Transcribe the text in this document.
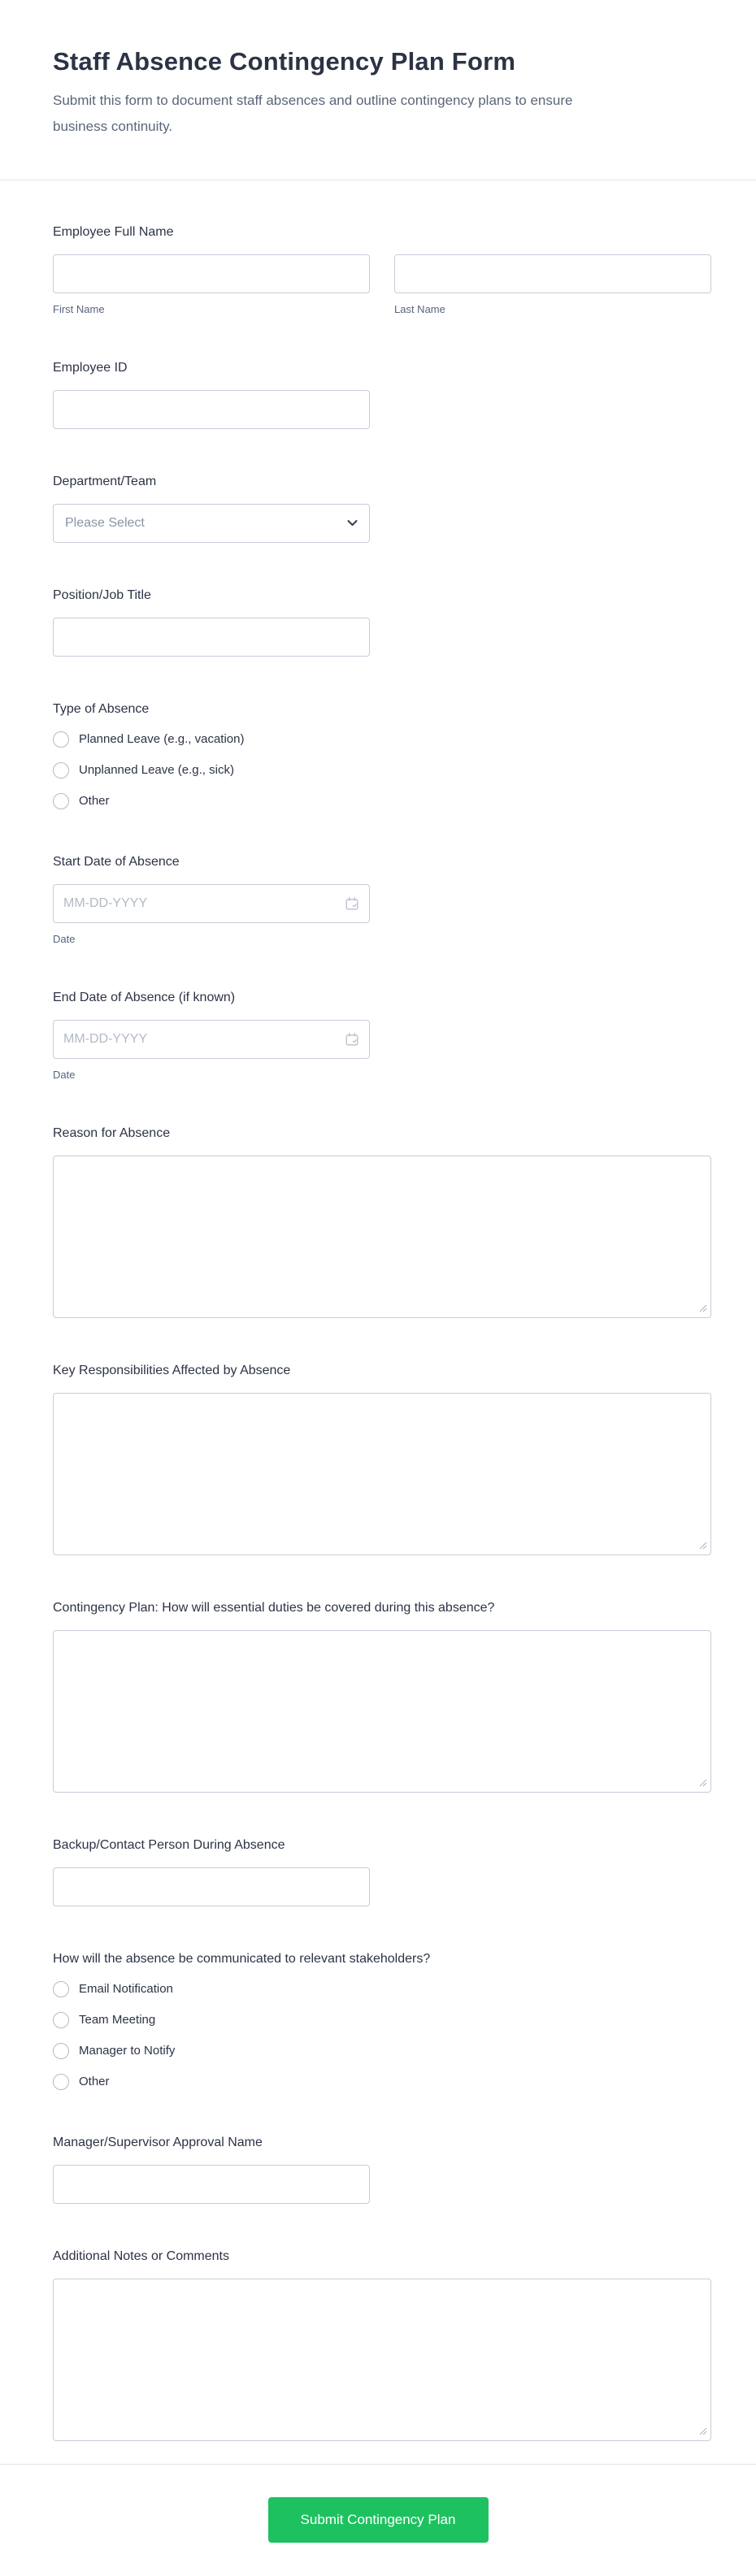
Staff Absence Contingency Plan Form

Submit this form to document staff absences and outline contingency plans to ensure business continuity.

Employee Full Name
First Name	Last Name
Employee ID
Department/Team
Please Select
Position/Job Title
Type of Absence
Planned Leave (e.g., vacation)
Unplanned Leave (e.g., sick)
Other
Start Date of Absence
MM-DD-YYYY
Date
End Date of Absence (if known)
MM-DD-YYYY
Date
Reason for Absence
Key Responsibilities Affected by Absence
Contingency Plan: How will essential duties be covered during this absence?
Backup/Contact Person During Absence
How will the absence be communicated to relevant stakeholders?
Email Notification
Team Meeting
Manager to Notify
Other
Manager/Supervisor Approval Name
Additional Notes or Comments
Submit Contingency Plan
